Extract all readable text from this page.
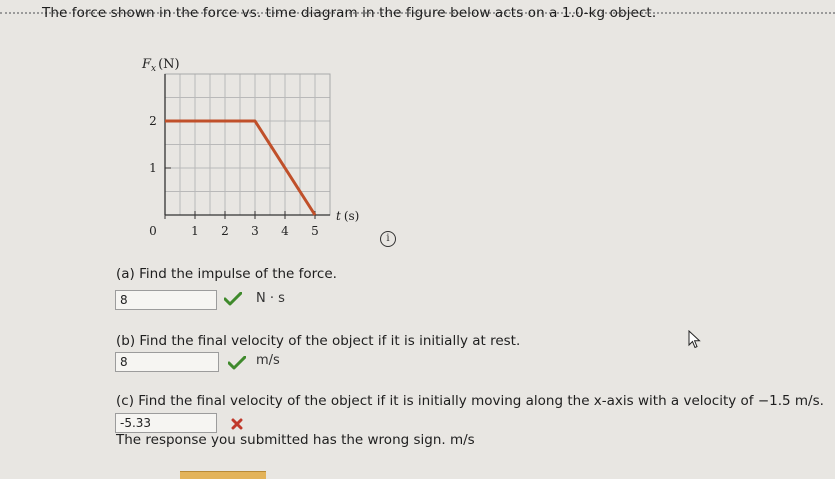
The force shown in the force vs. time diagram in the figure below acts on a 1.0-kg object.
0	1 2 3 4 5
1
2
$F_x$ (N)
t (s)
i
(a) Find the impulse of the force.
8	N · s
(b) Find the final velocity of the object if it is initially at rest.
8	m/s
(c) Find the final velocity of the object if it is initially moving along the x-axis with a velocity of −1.5 m/s.
-5.33
The response you submitted has the wrong sign. m/s
